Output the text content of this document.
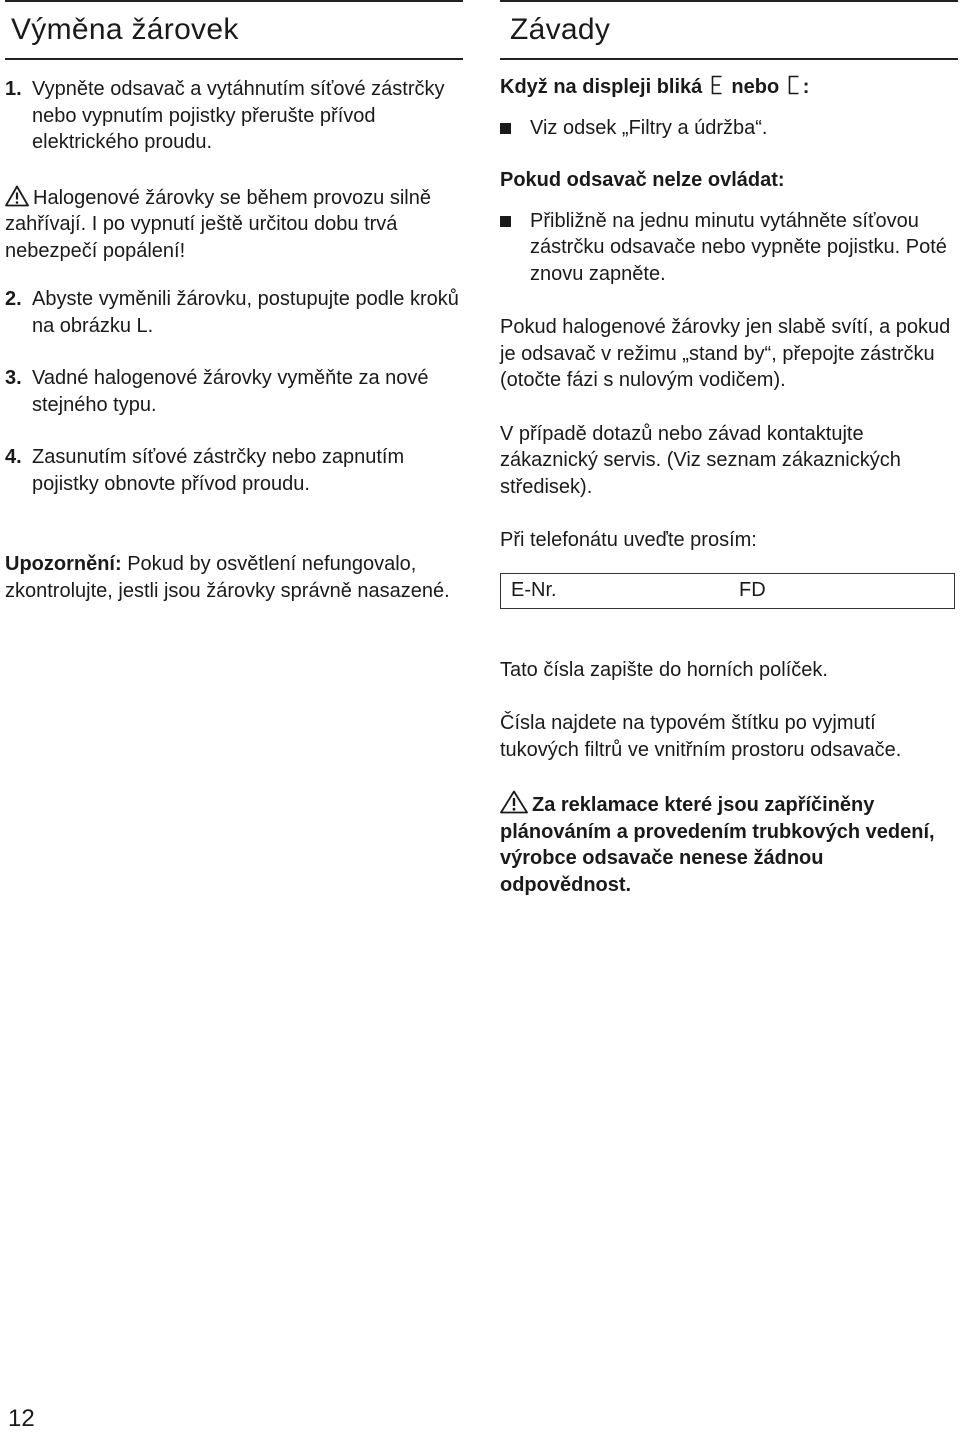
Výměna žárovek

1. Vypněte odsavač a vytáhnutím síťové zástrčky nebo vypnutím pojistky přerušte přívod elektrického proudu.

Halogenové žárovky se během provozu silně zahřívají. I po vypnutí ještě určitou dobu trvá nebezpečí popálení!

2. Abyste vyměnili žárovku, postupujte podle kroků na obrázku L.

3. Vadné halogenové žárovky vyměňte za nové stejného typu.

4. Zasunutím síťové zástrčky nebo zapnutím pojistky obnovte přívod proudu.

Upozornění: Pokud by osvětlení nefungovalo, zkontrolujte, jestli jsou žárovky správně nasazené.

Závady

Když na displeji bliká nebo :

Viz odsek „Filtry a údržba“.

Pokud odsavač nelze ovládat:

Přibližně na jednu minutu vytáhněte síťovou zástrčku odsavače nebo vypněte pojistku. Poté znovu zapněte.

Pokud halogenové žárovky jen slabě svítí, a pokud je odsavač v režimu „stand by“, přepojte zástrčku (otočte fázi s nulovým vodičem).

V případě dotazů nebo závad kontaktujte zákaznický servis. (Viz seznam zákaznických středisek).

Při telefonátu uveďte prosím:

E-Nr.	FD

Tato čísla zapište do horních políček.

Čísla najdete na typovém štítku po vyjmutí tukových filtrů ve vnitřním prostoru odsavače.

Za reklamace které jsou zapříčiněny plánováním a provedením trubkových vedení, výrobce odsavače nenese žádnou odpovědnost.

12
